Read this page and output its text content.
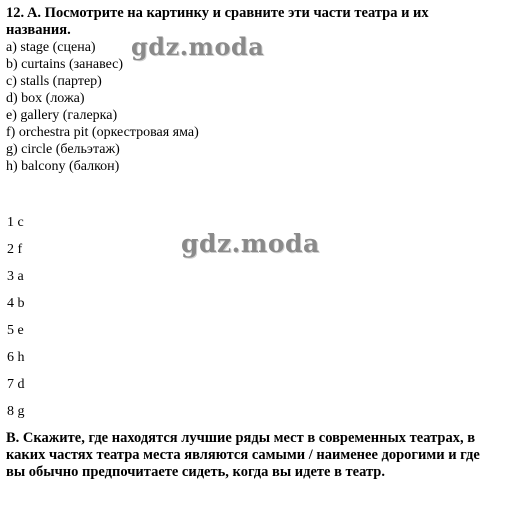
12. A. Посмотрите на картинку и сравните эти части театра и их названия.
a) stage (сцена)
b) curtains (занавес)
c) stalls (партер)
d) box (ложа)
e) gallery (галерка)
f) orchestra pit (оркестровая яма)
g) circle (бельэтаж)
h) balcony (балкон)
1 c
2 f
3 a
4 b
5 e
6 h
7 d
8 g
B. Скажите, где находятся лучшие ряды мест в современных театрах, в каких частях театра места являются самыми / наименее дорогими и где вы обычно предпочитаете сидеть, когда вы идете в театр.
gdz.moda
gdz.moda
